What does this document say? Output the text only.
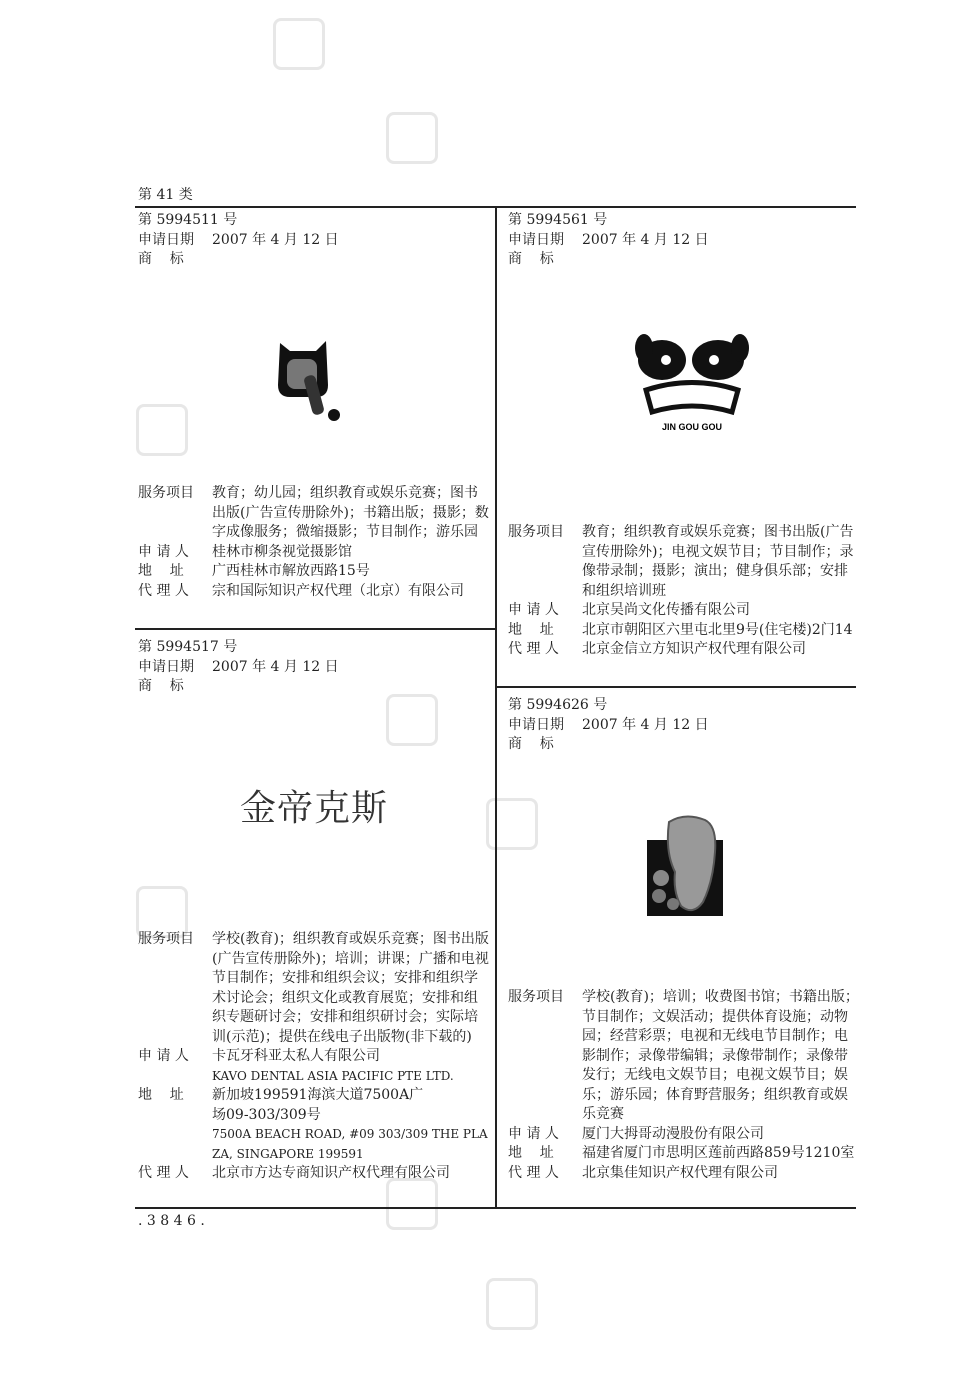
第 41 类
. 3 8 4 6 .
第 5994511 号
申请日期	2007 年 4 月 12 日
商    标
服务项目	教育；幼儿园；组织教育或娱乐竞赛；图书出版(广告宣传册除外)；书籍出版；摄影；数字成像服务；微缩摄影；节目制作；游乐园
申 请 人	桂林市柳条视觉摄影馆
地    址	广西桂林市解放西路15号
代 理 人	宗和国际知识产权代理（北京）有限公司
第 5994517 号
申请日期	2007 年 4 月 12 日
商    标
金帝克斯
服务项目	学校(教育)；组织教育或娱乐竞赛；图书出版(广告宣传册除外)；培训；讲课；广播和电视节目制作；安排和组织会议；安排和组织学术讨论会；组织文化或教育展览；安排和组织专题研讨会；安排和组织研讨会；实际培训(示范)；提供在线电子出版物(非下载的)
申 请 人	卡瓦牙科亚太私人有限公司
KAVO DENTAL ASIA PACIFIC PTE LTD.
地    址	新加坡199591海滨大道7500A广场09-303/309号
7500A BEACH ROAD, #09 303/309 THE PLAZA, SINGAPORE 199591
代 理 人	北京市方达专商知识产权代理有限公司
第 5994561 号
申请日期	2007 年 4 月 12 日
商    标
JIN GOU GOU
服务项目	教育；组织教育或娱乐竞赛；图书出版(广告宣传册除外)；电视文娱节目；节目制作；录像带录制；摄影；演出；健身俱乐部；安排和组织培训班
申 请 人	北京吴尚文化传播有限公司
地    址	北京市朝阳区六里屯北里9号(住宅楼)2门14
代 理 人	北京金信立方知识产权代理有限公司
第 5994626 号
申请日期	2007 年 4 月 12 日
商    标
服务项目	学校(教育)；培训；收费图书馆；书籍出版；节目制作；文娱活动；提供体育设施；动物园；经营彩票；电视和无线电节目制作；电影制作；录像带编辑；录像带制作；录像带发行；无线电文娱节目；电视文娱节目；娱乐；游乐园；体育野营服务；组织教育或娱乐竞赛
申 请 人	厦门大拇哥动漫股份有限公司
地    址	福建省厦门市思明区莲前西路859号1210室
代 理 人	北京集佳知识产权代理有限公司
